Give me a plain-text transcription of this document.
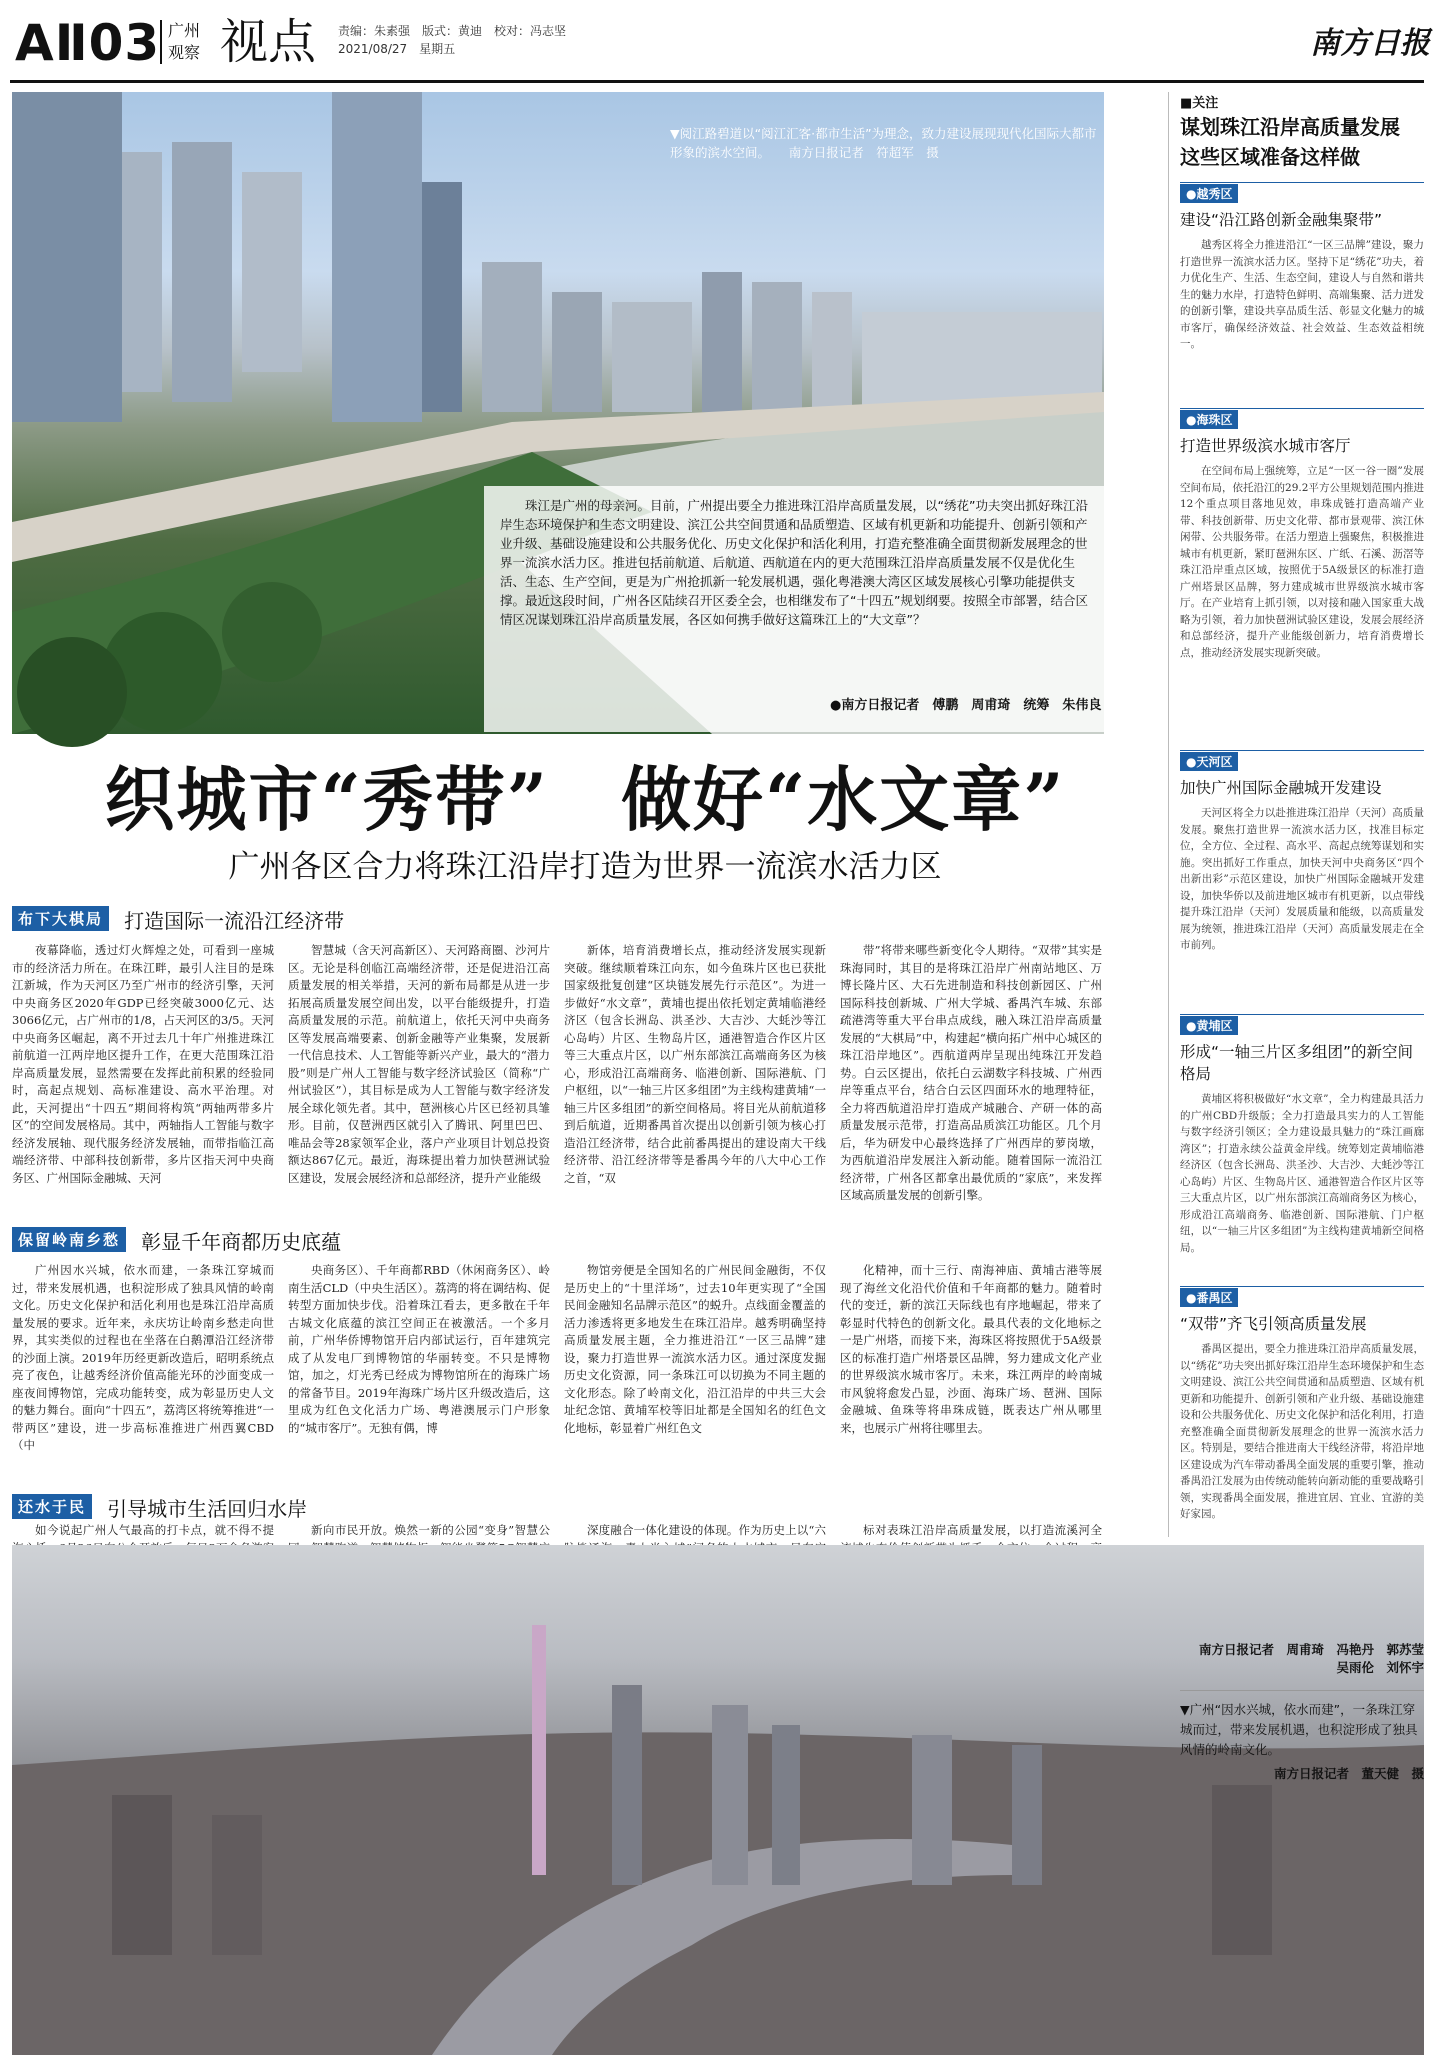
AⅡ03 广州观察 视点 责编：朱素强　版式：黄迪　校对：冯志坚
2021/08/27　星期五	南方日报
▼阅江路碧道以“阅江汇客·都市生活”为理念，致力建设展现现代化国际大都市形象的滨水空间。　　南方日报记者　符超军　摄
珠江是广州的母亲河。目前，广州提出要全力推进珠江沿岸高质量发展，以“绣花”功夫突出抓好珠江沿岸生态环境保护和生态文明建设、滨江公共空间贯通和品质塑造、区域有机更新和功能提升、创新引领和产业升级、基础设施建设和公共服务优化、历史文化保护和活化利用，打造充整准确全面贯彻新发展理念的世界一流滨水活力区。推进包括前航道、后航道、西航道在内的更大范围珠江沿岸高质量发展不仅是优化生活、生态、生产空间，更是为广州抢抓新一轮发展机遇，强化粤港澳大湾区区域发展核心引擎功能提供支撑。最近这段时间，广州各区陆续召开区委全会，也相继发布了“十四五”规划纲要。按照全市部署，结合区情区况谋划珠江沿岸高质量发展，各区如何携手做好这篇珠江上的“大文章”？
●南方日报记者　傅鹏　周甫琦　统筹　朱伟良
织城市“秀带”　做好“水文章”
广州各区合力将珠江沿岸打造为世界一流滨水活力区
布下大棋局 打造国际一流沿江经济带
夜幕降临，透过灯火辉煌之处，可看到一座城市的经济活力所在。在珠江畔，最引人注目的是珠江新城，作为天河区乃至广州市的经济引擎，天河中央商务区2020年GDP已经突破3000亿元、达3066亿元，占广州市的1/8，占天河区的3/5。天河中央商务区崛起，离不开过去几十年广州推进珠江前航道一江两岸地区提升工作，在更大范围珠江沿岸高质量发展，显然需要在发挥此前积累的经验同时，高起点规划、高标准建设、高水平治理。对此，天河提出“十四五”期间将构筑“两轴两带多片区”的空间发展格局。其中，两轴指人工智能与数字经济发展轴、现代服务经济发展轴，而带指临江高端经济带、中部科技创新带，多片区指天河中央商务区、广州国际金融城、天河
智慧城（含天河高新区）、天河路商圈、沙河片区。无论是科创临江高端经济带，还是促进沿江高质量发展的相关举措，天河的新布局都是从进一步拓展高质量发展空间出发，以平台能级提升，打造高质量发展的示范。前航道上，依托天河中央商务区等发展高端要素、创新金融等产业集聚，发展新一代信息技术、人工智能等新兴产业，最大的“潜力股”则是广州人工智能与数字经济试验区（简称“广州试验区”），其目标是成为人工智能与数字经济发展全球化领先者。其中，琶洲核心片区已经初具雏形。目前，仅琶洲西区就引入了腾讯、阿里巴巴、唯品会等28家领军企业，落户产业项目计划总投资额达867亿元。最近，海珠提出着力加快琶洲试验区建设，发展会展经济和总部经济，提升产业能级
新体，培育消费增长点，推动经济发展实现新突破。继续顺着珠江向东，如今鱼珠片区也已获批国家级批复创建“区块链发展先行示范区”。为进一步做好“水文章”，黄埔也提出依托划定黄埔临港经济区（包含长洲岛、洪圣沙、大吉沙、大蚝沙等江心岛屿）片区、生物岛片区，通港智造合作区片区等三大重点片区，以广州东部滨江高端商务区为核心，形成沿江高端商务、临港创新、国际港航、门户枢纽，以“一轴三片区多组团”为主线构建黄埔“一轴三片区多组团”的新空间格局。将目光从前航道移到后航道，近期番禺首次提出以创新引领为核心打造沿江经济带，结合此前番禺提出的建设南大干线经济带、沿江经济带等是番禺今年的八大中心工作之首，“双
带”将带来哪些新变化令人期待。“双带”其实是珠海同时，其目的是将珠江沿岸广州南站地区、万博长隆片区、大石先进制造和科技创新园区、广州国际科技创新城、广州大学城、番禺汽车城、东部疏港湾等重大平台串点成线，融入珠江沿岸高质量发展的“大棋局”中，构建起“横向拓广州中心城区的珠江沿岸地区”。西航道两岸呈现出纯珠江开发趋势。白云区提出，依托白云湖数字科技城、广州西岸等重点平台，结合白云区四面环水的地理特征，全力将西航道沿岸打造成产城融合、产研一体的高质量发展示范带，打造高品质滨江功能区。几个月后，华为研发中心最终选择了广州西岸的萝岗墩，为西航道沿岸发展注入新动能。随着国际一流沿江经济带，广州各区都拿出最优质的“家底”，来发挥区域高质量发展的创新引擎。
保留岭南乡愁 彰显千年商都历史底蕴
广州因水兴城，依水而建，一条珠江穿城而过，带来发展机遇，也积淀形成了独具风情的岭南文化。历史文化保护和活化利用也是珠江沿岸高质量发展的要求。近年来，永庆坊让岭南乡愁走向世界，其实类似的过程也在坐落在白鹅潭沿江经济带的沙面上演。2019年历经更新改造后，昭明系统点亮了夜色，让越秀经济价值高能光环的沙面变成一座夜间博物馆，完成功能转变，成为彰显历史人文的魅力舞台。面向“十四五”，荔湾区将统筹推进“一带两区”建设，进一步高标准推进广州西翼CBD（中
央商务区）、千年商都RBD（休闲商务区）、岭南生活CLD（中央生活区）。荔湾的将在调结构、促转型方面加快步伐。沿着珠江看去，更多散在千年古城文化底蕴的滨江空间正在被激活。一个多月前，广州华侨博物馆开启内部试运行，百年建筑完成了从发电厂到博物馆的华丽转变。不只是博物馆，加之，灯光秀已经成为博物馆所在的海珠广场的常备节目。2019年海珠广场片区升级改造后，这里成为红色文化活力广场、粤港澳展示门户形象的“城市客厅”。无独有偶，博
物馆旁便是全国知名的广州民间金融街，不仅是历史上的“十里洋场”，过去10年更实现了“全国民间金融知名品牌示范区”的蜕升。点线面金覆盖的活力渗透将更多地发生在珠江沿岸。越秀明确坚持高质量发展主题，全力推进沿江“一区三品牌”建设，聚力打造世界一流滨水活力区。通过深度发掘历史文化资源，同一条珠江可以切换为不同主题的文化形态。除了岭南文化，沿江沿岸的中共三大会址纪念馆、黄埔军校等旧址都是全国知名的红色文化地标，彰显着广州红色文
化精神，而十三行、南海神庙、黄埔古港等展现了海丝文化沿代价值和千年商都的魅力。随着时代的变迁，新的滨江天际线也有序地崛起，带来了彰显时代特色的创新文化。最具代表的文化地标之一是广州塔，而接下来，海珠区将按照优于5A级景区的标准打造广州塔景区品牌，努力建成文化产业的世界级滨水城市客厅。未来，珠江两岸的岭南城市风貌将愈发凸显，沙面、海珠广场、琶洲、国际金融城、鱼珠等将串珠成链，既表达广州从哪里来，也展示广州将往哪里去。
还水于民 引导城市生活回归水岸
如今说起广州人气最高的打卡点，就不得不提	新向市民开放。焕然一新的公园“变身”智慧公	深度融合一体化建设的体现。作为历史上以“六	标对表珠江沿岸高质量发展，以打造流溪河全
■关注
谋划珠江沿岸高质量发展　这些区域准备这样做
●越秀区
建设“沿江路创新金融集聚带”
越秀区将全力推进沿江“一区三品牌”建设，聚力打造世界一流滨水活力区。坚持下足“绣花”功夫，着力优化生产、生活、生态空间，建设人与自然和谐共生的魅力水岸，打造特色鲜明、高端集聚、活力迸发的创新引擎，建设共享品质生活、彰显文化魅力的城市客厅，确保经济效益、社会效益、生态效益相统一。
●海珠区
打造世界级滨水城市客厅
在空间布局上强统筹，立足“一区一谷一圈”发展空间布局，依托沿江的29.2平方公里规划范围内推进12个重点项目落地见效，串珠成链打造高端产业带、科技创新带、历史文化带、都市景观带、滨江休闲带、公共服务带。在活力塑造上强聚焦，积极推进城市有机更新，紧盯琶洲东区、广纸、石溪、沥滘等珠江沿岸重点区域，按照优于5A级景区的标准打造广州塔景区品牌，努力建成城市世界级滨水城市客厅。在产业培育上抓引领，以对接和融入国家重大战略为引领，着力加快琶洲试验区建设，发展会展经济和总部经济，提升产业能级创新力，培育消费增长点，推动经济发展实现新突破。
●天河区
加快广州国际金融城开发建设
天河区将全力以赴推进珠江沿岸（天河）高质量发展。聚焦打造世界一流滨水活力区，找准目标定位，全方位、全过程、高水平、高起点统筹谋划和实施。突出抓好工作重点，加快天河中央商务区“四个出新出彩”示范区建设，加快广州国际金融城开发建设，加快华侨以及前进地区城市有机更新，以点带线提升珠江沿岸（天河）发展质量和能级，以高质量发展为统领，推进珠江沿岸（天河）高质量发展走在全市前列。
●黄埔区
形成“一轴三片区多组团”的新空间格局
黄埔区将积极做好“水文章”，全力构建最具活力的广州CBD升级版；全力打造最具实力的人工智能与数字经济引领区；全力建设最具魅力的“珠江画廊湾区”；打造永续公益黄金岸线。统筹划定黄埔临港经济区（包含长洲岛、洪圣沙、大吉沙、大蚝沙等江心岛屿）片区、生物岛片区、通港智造合作区片区等三大重点片区，以广州东部滨江高端商务区为核心，形成沿江高端商务、临港创新、国际港航、门户枢纽，以“一轴三片区多组团”为主线构建黄埔新空间格局。
●番禺区
“双带”齐飞引领高质量发展
番禺区提出，要全力推进珠江沿岸高质量发展，以“绣花”功夫突出抓好珠江沿岸生态环境保护和生态文明建设、滨江公共空间贯通和品质塑造、区域有机更新和功能提升、创新引领和产业升级、基础设施建设和公共服务优化、历史文化保护和活化利用，打造充整准确全面贯彻新发展理念的世界一流滨水活力区。特别是，要结合推进南大干线经济带，将沿岸地区建设成为汽车带动番禺全面发展的重要引擎，推动番禺沿江发展为由传统动能转向新动能的重要战略引领，实现番禺全面发展，推进宜居、宜业、宜游的美好家园。
南方日报记者　周甫琦　冯艳丹　郭苏莹
吴雨伦　刘怀宇
▼广州“因水兴城，依水而建”，一条珠江穿城而过，带来发展机遇，也积淀形成了独具风情的岭南文化。
南方日报记者　董天健　摄
